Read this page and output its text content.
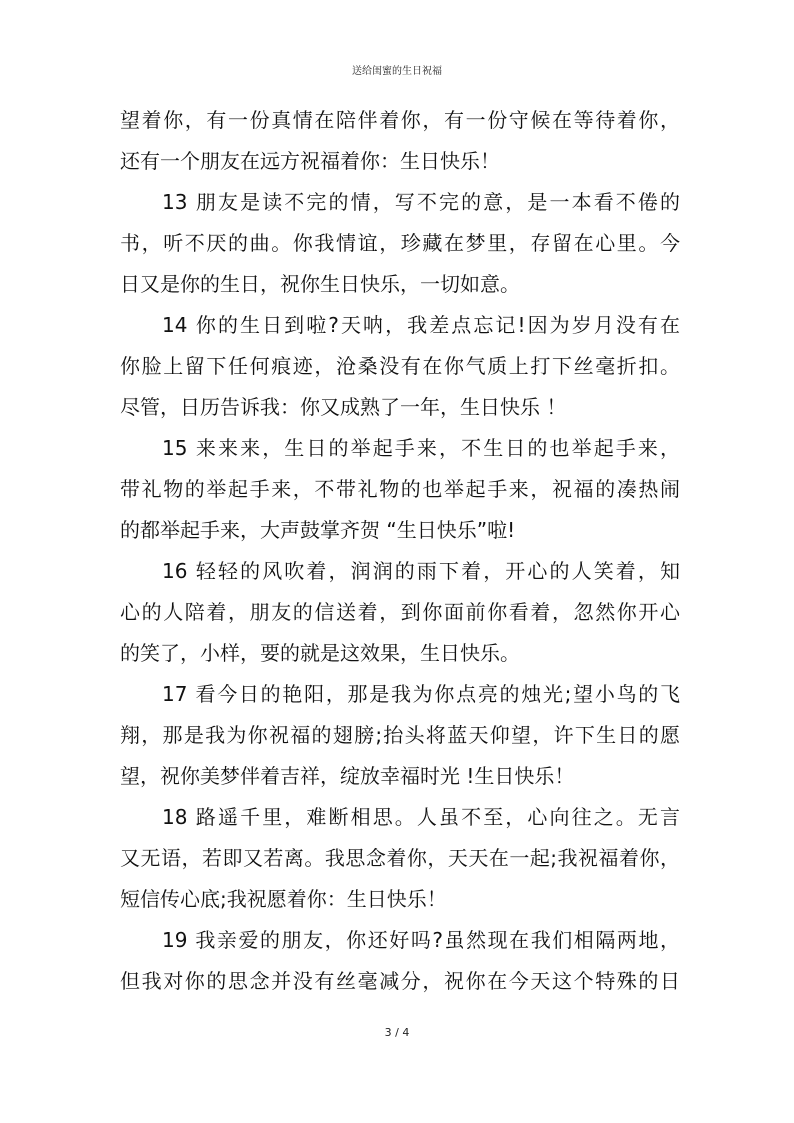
送给闺蜜的生日祝福
望着你，有一份真情在陪伴着你，有一份守候在等待着你，
还有一个朋友在远方祝福着你：生日快乐！
13 朋友是读不完的情，写不完的意，是一本看不倦的
书，听不厌的曲。你我情谊，珍藏在梦里，存留在心里。今
日又是你的生日，祝你生日快乐，一切如意。
14 你的生日到啦?天呐，我差点忘记!因为岁月没有在
你脸上留下任何痕迹，沧桑没有在你气质上打下丝毫折扣。
尽管，日历告诉我：你又成熟了一年，生日快乐 ！
15 来来来，生日的举起手来，不生日的也举起手来，
带礼物的举起手来，不带礼物的也举起手来，祝福的凑热闹
的都举起手来，大声鼓掌齐贺 “生日快乐”啦!
16 轻轻的风吹着，润润的雨下着，开心的人笑着，知
心的人陪着，朋友的信送着，到你面前你看着，忽然你开心
的笑了，小样，要的就是这效果，生日快乐。
17 看今日的艳阳，那是我为你点亮的烛光;望小鸟的飞
翔，那是我为你祝福的翅膀;抬头将蓝天仰望，许下生日的愿
望，祝你美梦伴着吉祥，绽放幸福时光 !生日快乐！
18 路遥千里，难断相思。人虽不至，心向往之。无言
又无语，若即又若离。我思念着你，天天在一起;我祝福着你，
短信传心底;我祝愿着你：生日快乐！
19 我亲爱的朋友，你还好吗?虽然现在我们相隔两地，
但我对你的思念并没有丝毫减分，祝你在今天这个特殊的日
3 / 4
